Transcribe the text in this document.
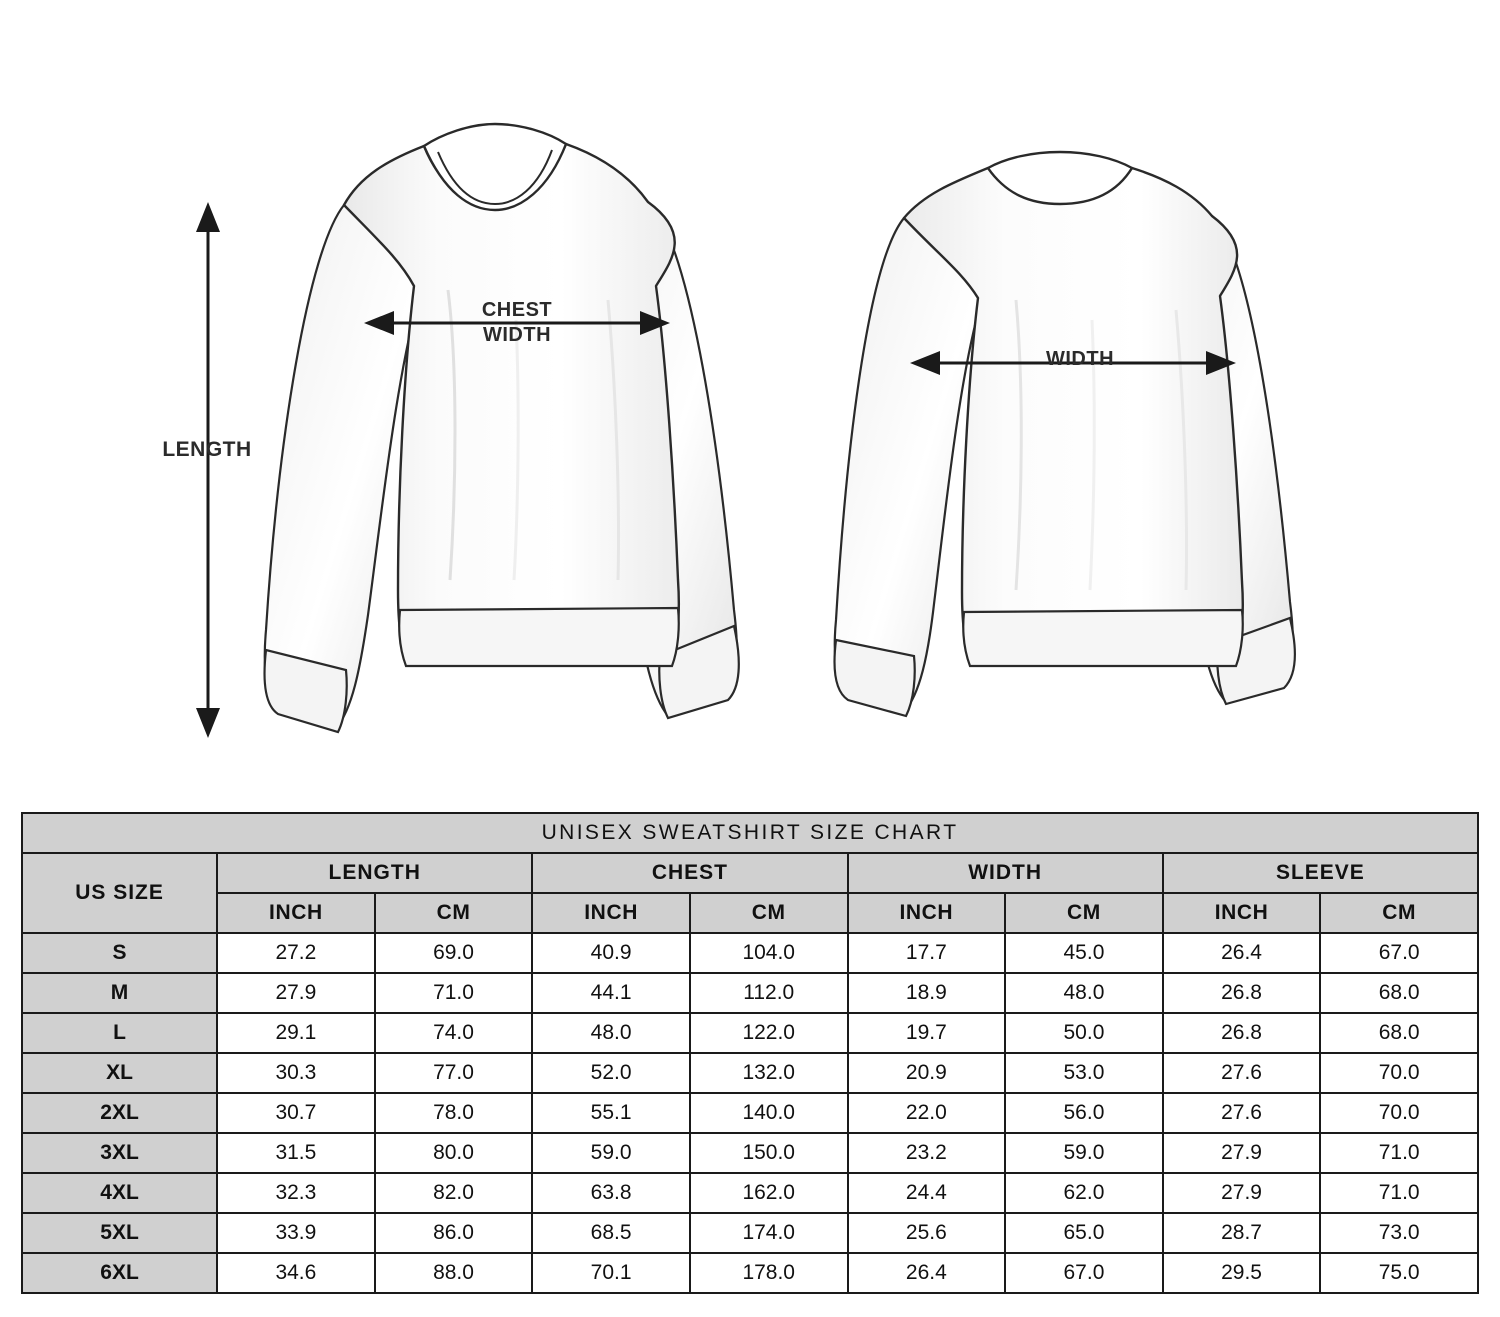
LENGTH
CHEST
WIDTH
WIDTH
UNISEX SWEATSHIRT SIZE CHART								
US SIZE	LENGTH		CHEST		WIDTH		SLEEVE	
	INCH	CM	INCH	CM	INCH	CM	INCH	CM
S	27.2	69.0	40.9	104.0	17.7	45.0	26.4	67.0
M	27.9	71.0	44.1	112.0	18.9	48.0	26.8	68.0
L	29.1	74.0	48.0	122.0	19.7	50.0	26.8	68.0
XL	30.3	77.0	52.0	132.0	20.9	53.0	27.6	70.0
2XL	30.7	78.0	55.1	140.0	22.0	56.0	27.6	70.0
3XL	31.5	80.0	59.0	150.0	23.2	59.0	27.9	71.0
4XL	32.3	82.0	63.8	162.0	24.4	62.0	27.9	71.0
5XL	33.9	86.0	68.5	174.0	25.6	65.0	28.7	73.0
6XL	34.6	88.0	70.1	178.0	26.4	67.0	29.5	75.0
